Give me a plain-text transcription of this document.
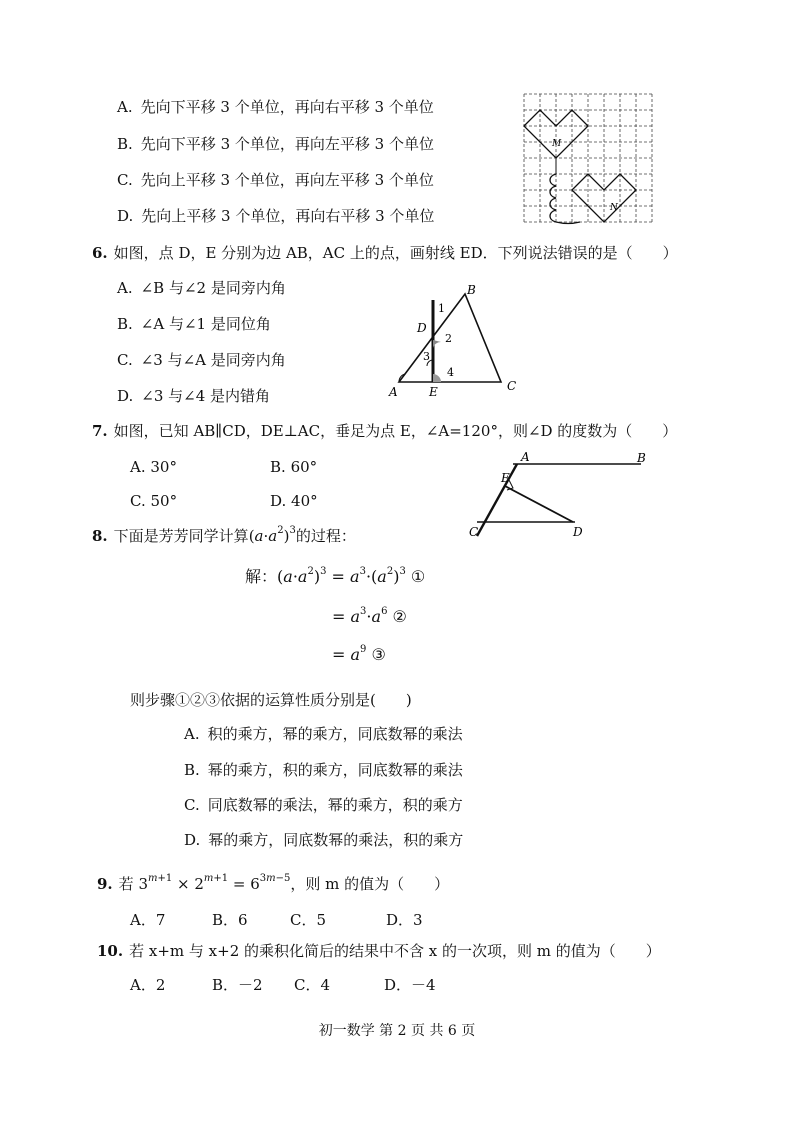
A. 先向下平移 3 个单位，再向右平移 3 个单位
B. 先向下平移 3 个单位，再向左平移 3 个单位
C. 先向上平移 3 个单位，再向左平移 3 个单位
D. 先向上平移 3 个单位，再向右平移 3 个单位
M
N
6. 如图，点 D，E 分别为边 AB，AC 上的点，画射线 ED．下列说法错误的是（　　）
A. ∠B 与∠2 是同旁内角
B. ∠A 与∠1 是同位角
C. ∠3 与∠A 是同旁内角
D. ∠3 与∠4 是内错角	A
B
C
D
E
1
2
3
4
7. 如图，已知 AB∥CD，DE⊥AC，垂足为点 E，∠A=120°，则∠D 的度数为（　　）
A. 30°	B. 60°
C. 50°	D. 40°
A	B
C	D
E
8. 下面是芳芳同学计算$(a\cdot a^2)^3$的过程：
解：$(a\cdot a^2)^3 = a^3\cdot(a^2)^3$ ①
= $a^3\cdot a^6$ ②
= $a^9$ ③
则步骤①②③依据的运算性质分别是(　　)
A. 积的乘方，幂的乘方，同底数幂的乘法
B. 幂的乘方，积的乘方，同底数幂的乘法
C. 同底数幂的乘法，幂的乘方，积的乘方
D. 幂的乘方，同底数幂的乘法，积的乘方
9. 若 $3^{m+1} \times 2^{m+1} = 6^{3m-5}$，则 m 的值为（　　）
A．7	B．6	C．5	D．3
10. 若 x+m 与 x+2 的乘积化简后的结果中不含 x 的一次项，则 m 的值为（　　）
A．2	B．－2	C．4	D．－4
初一数学 第 2 页 共 6 页
